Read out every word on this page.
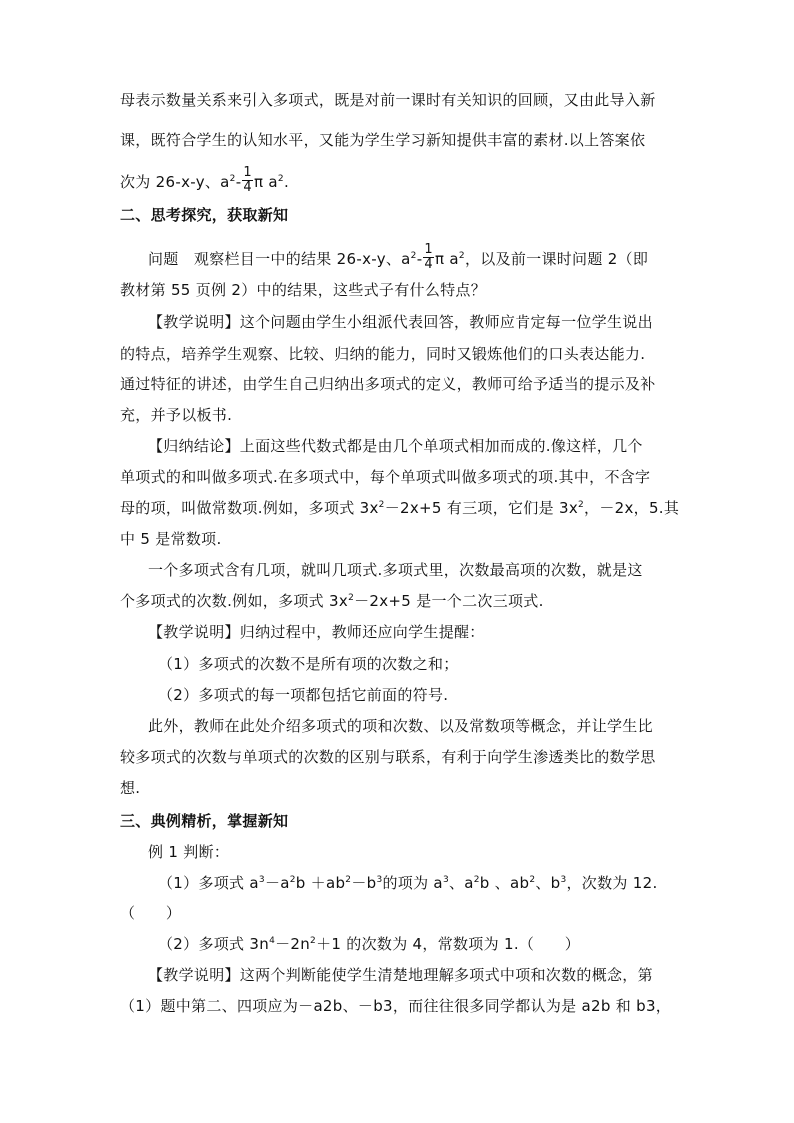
母表示数量关系来引入多项式，既是对前一课时有关知识的回顾，又由此导入新
课，既符合学生的认知水平，又能为学生学习新知提供丰富的素材.以上答案依
次为 26-x-y、$a^2- \frac{1}{4}$ π $a^2$.
二、思考探究，获取新知
问题　观察栏目一中的结果 26-x-y、$a^2- \frac{1}{4}$ π $a^2$，以及前一课时问题 2（即
教材第 55 页例 2）中的结果，这些式子有什么特点？
【教学说明】这个问题由学生小组派代表回答，教师应肯定每一位学生说出
的特点，培养学生观察、比较、归纳的能力，同时又锻炼他们的口头表达能力.
通过特征的讲述，由学生自己归纳出多项式的定义，教师可给予适当的提示及补
充，并予以板书.
【归纳结论】上面这些代数式都是由几个单项式相加而成的.像这样，几个
单项式的和叫做多项式.在多项式中，每个单项式叫做多项式的项.其中，不含字
母的项，叫做常数项.例如，多项式 $3x^2-2x+5$ 有三项，它们是 $3x^2$，－2x，5.其
中 5 是常数项.
一个多项式含有几项，就叫几项式.多项式里，次数最高项的次数，就是这
个多项式的次数.例如，多项式 $3x^2-2x+5$ 是一个二次三项式.
【教学说明】归纳过程中，教师还应向学生提醒：
（1）多项式的次数不是所有项的次数之和；
（2）多项式的每一项都包括它前面的符号.
此外，教师在此处介绍多项式的项和次数、以及常数项等概念，并让学生比
较多项式的次数与单项式的次数的区别与联系，有利于向学生渗透类比的数学思
想.
三、典例精析，掌握新知
例 1 判断：
（1）多项式 $a^3-a^2b +ab^2-b^3$的项为 $a^3$、$a^2b$ 、$ab^2$、$b^3$，次数为 12.
（　　）
（2）多项式 $3n^4-2n^2+1$ 的次数为 4，常数项为 1.（　　）
【教学说明】这两个判断能使学生清楚地理解多项式中项和次数的概念，第
（1）题中第二、四项应为－a2b、－b3，而往往很多同学都认为是 a2b 和 b3，
